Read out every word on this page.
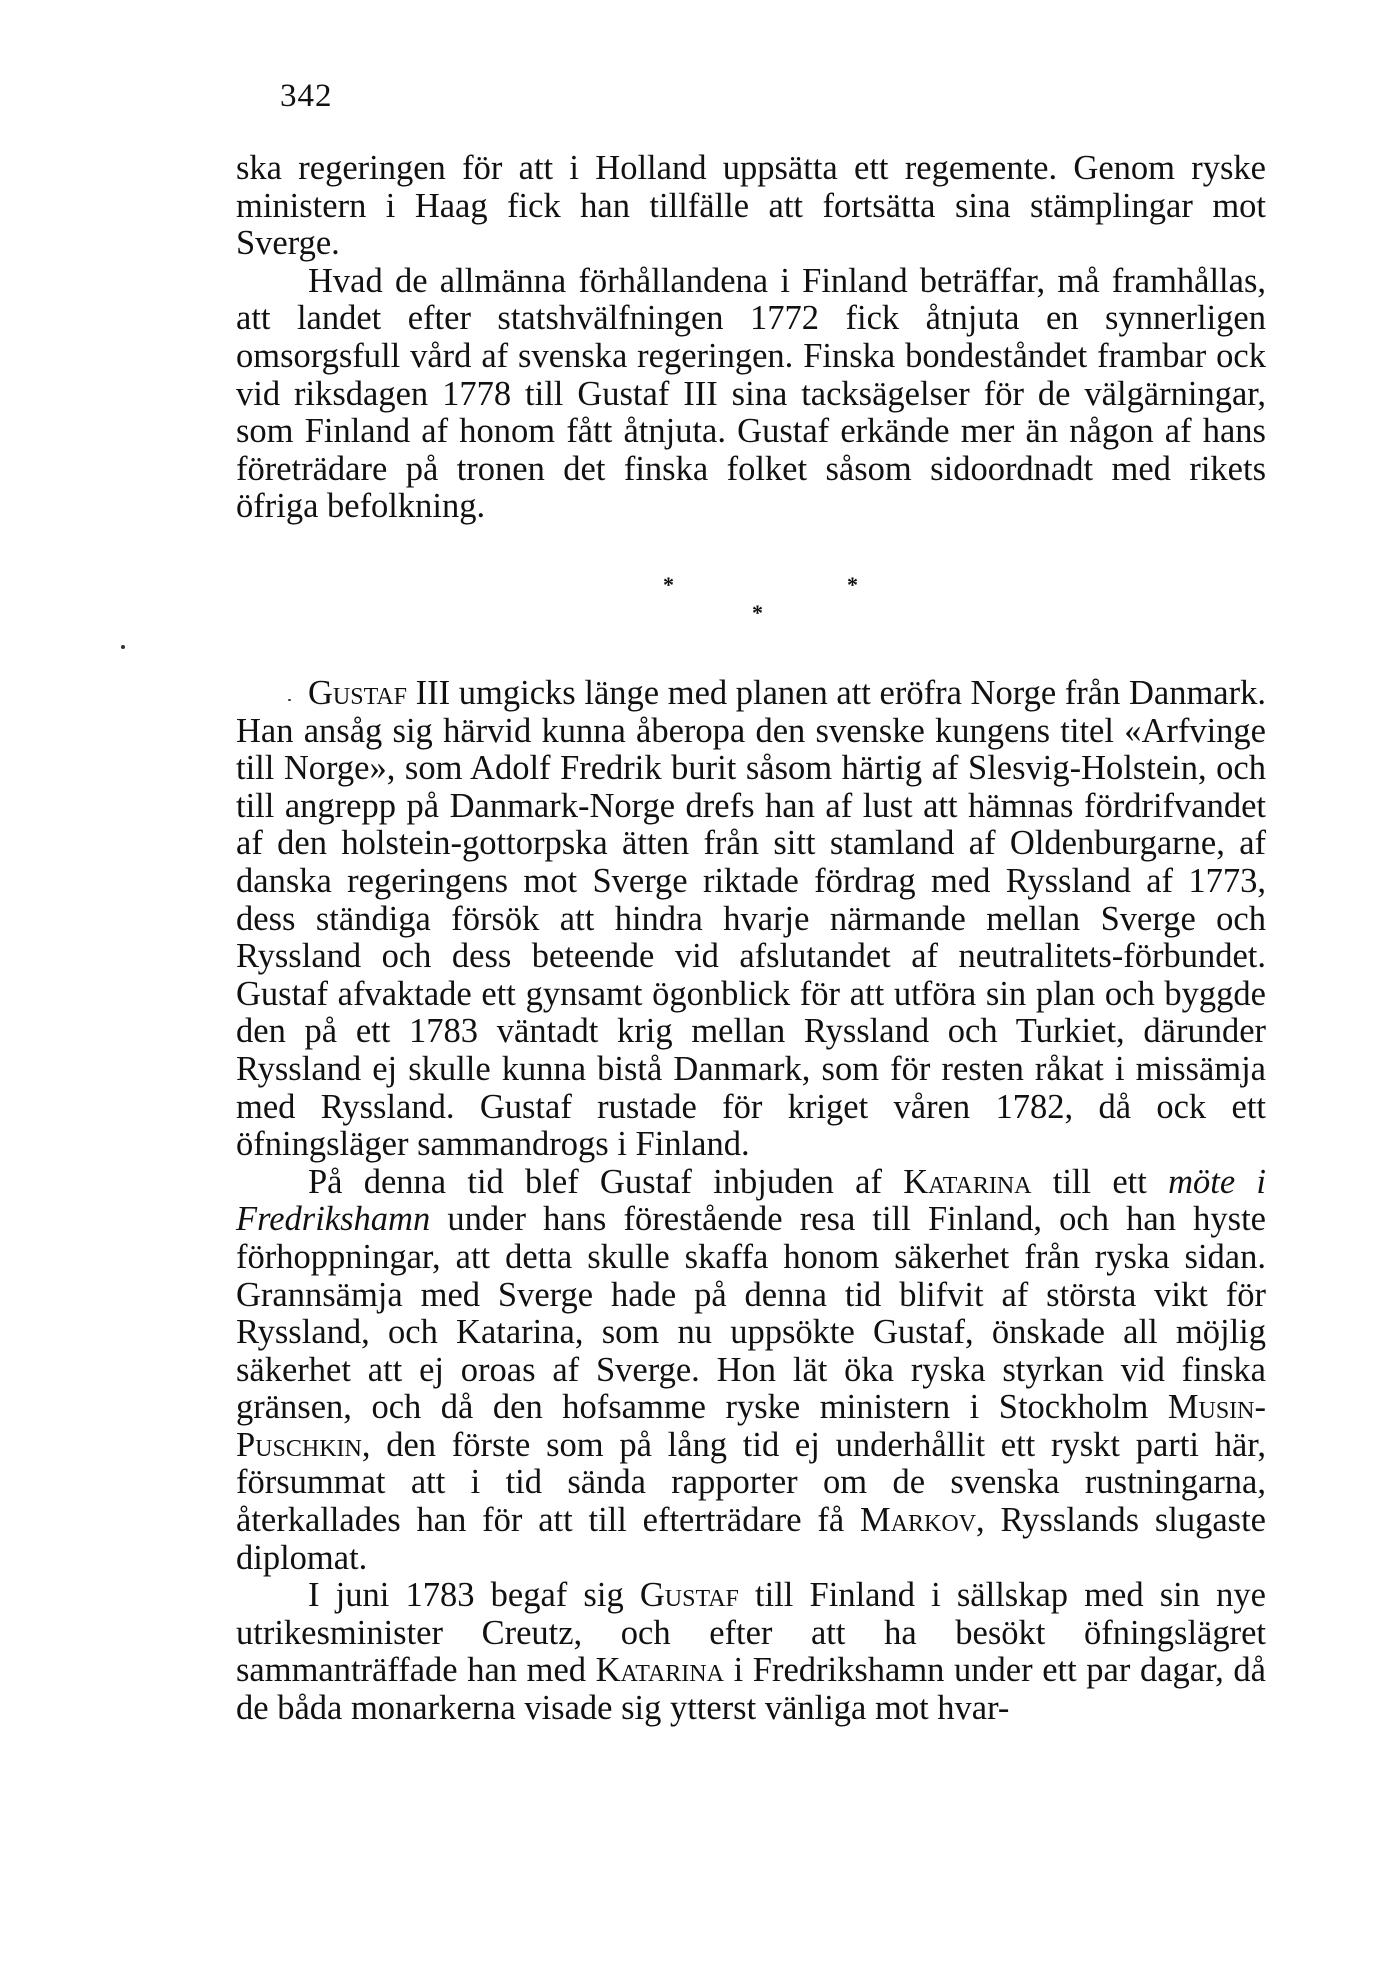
342

ska regeringen för att i Holland uppsätta ett regemente. Genom ryske ministern i Haag fick han tillfälle att fortsätta sina stämplingar mot Sverge.

Hvad de allmänna förhållandena i Finland beträffar, må framhållas, att landet efter statshvälfningen 1772 fick åtnjuta en synnerligen omsorgsfull vård af svenska regeringen. Finska bondeståndet frambar ock vid riksdagen 1778 till Gustaf III sina tacksägelser för de välgärningar, som Finland af honom fått åtnjuta. Gustaf erkände mer än någon af hans företrädare på tronen det finska folket såsom sidoordnadt med rikets öfriga befolkning.

*	*
*

Gustaf III umgicks länge med planen att eröfra Norge från Danmark. Han ansåg sig härvid kunna åberopa den svenske kungens titel «Arfvinge till Norge», som Adolf Fredrik burit såsom härtig af Slesvig-Holstein, och till angrepp på Danmark-Norge drefs han af lust att hämnas fördrifvandet af den holstein-gottorpska ätten från sitt stamland af Oldenburgarne, af danska regeringens mot Sverge riktade fördrag med Ryssland af 1773, dess ständiga försök att hindra hvarje närmande mellan Sverge och Ryssland och dess beteende vid afslutandet af neutralitets-förbundet. Gustaf afvaktade ett gynsamt ögonblick för att utföra sin plan och byggde den på ett 1783 väntadt krig mellan Ryssland och Turkiet, därunder Ryssland ej skulle kunna bistå Danmark, som för resten råkat i missämja med Ryssland. Gustaf rustade för kriget våren 1782, då ock ett öfningsläger sammandrogs i Finland.

På denna tid blef Gustaf inbjuden af Katarina till ett möte i Fredrikshamn under hans förestående resa till Finland, och han hyste förhoppningar, att detta skulle skaffa honom säkerhet från ryska sidan. Grannsämja med Sverge hade på denna tid blifvit af största vikt för Ryssland, och Katarina, som nu uppsökte Gustaf, önskade all möjlig säkerhet att ej oroas af Sverge. Hon lät öka ryska styrkan vid finska gränsen, och då den hofsamme ryske ministern i Stockholm Musin-Puschkin, den förste som på lång tid ej underhållit ett ryskt parti här, försummat att i tid sända rapporter om de svenska rustningarna, återkallades han för att till efterträdare få Markov, Rysslands slugaste diplomat.

I juni 1783 begaf sig Gustaf till Finland i sällskap med sin nye utrikesminister Creutz, och efter att ha besökt öfningslägret sammanträffade han med Katarina i Fredrikshamn under ett par dagar, då de båda monarkerna visade sig ytterst vänliga mot hvar-
